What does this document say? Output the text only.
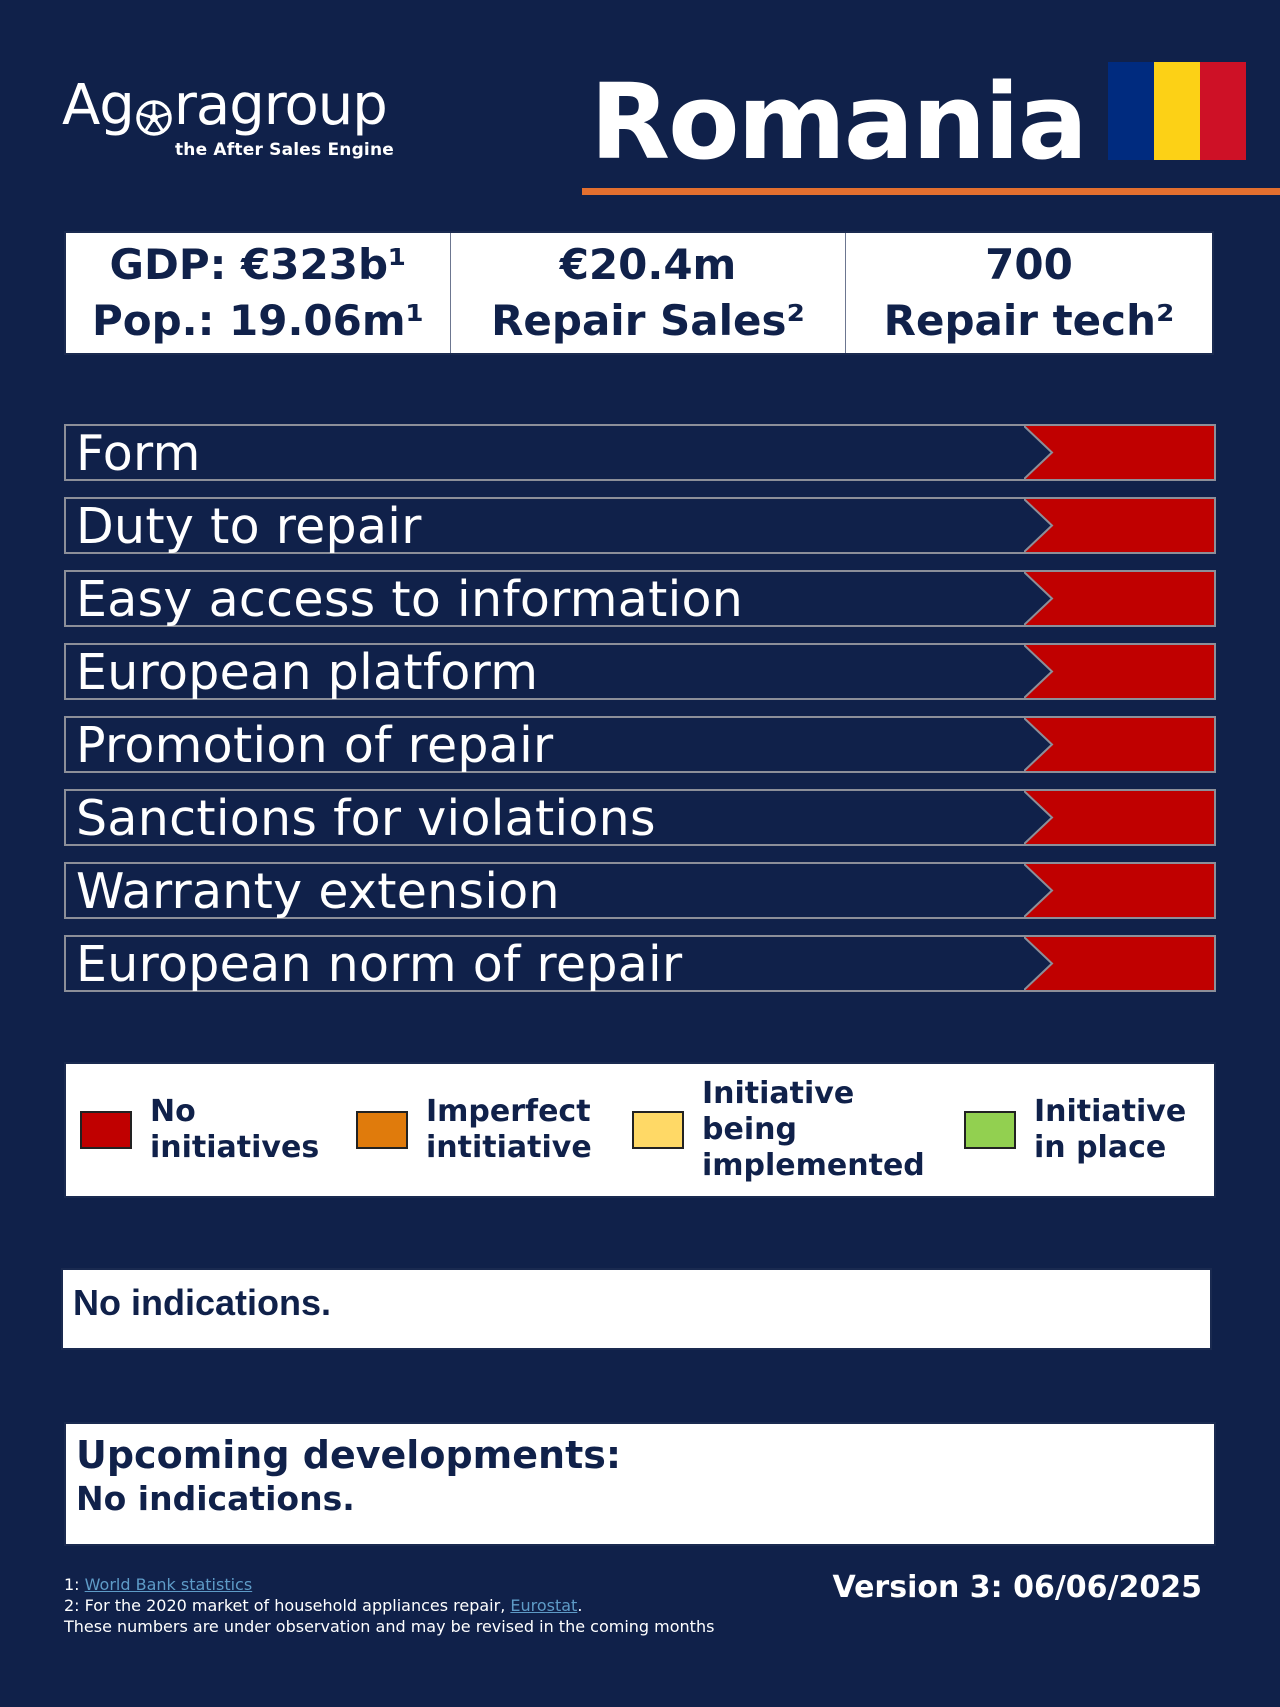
Ag ragroup
the After Sales Engine Romania
GDP: €323b¹
Pop.: 19.06m¹
€20.4m
Repair Sales²
700
Repair tech²
Form
Duty to repair
Easy access to information
European platform
Promotion of repair
Sanctions for violations
Warranty extension
European norm of repair
No
initiatives
Imperfect
intitiative
Initiative
being
implemented
Initiative
in place
No indications.
Upcoming developments:
No indications.
1: World Bank statistics
2: For the 2020 market of household appliances repair, Eurostat.
These numbers are under observation and may be revised in the coming months
Version 3: 06/06/2025
